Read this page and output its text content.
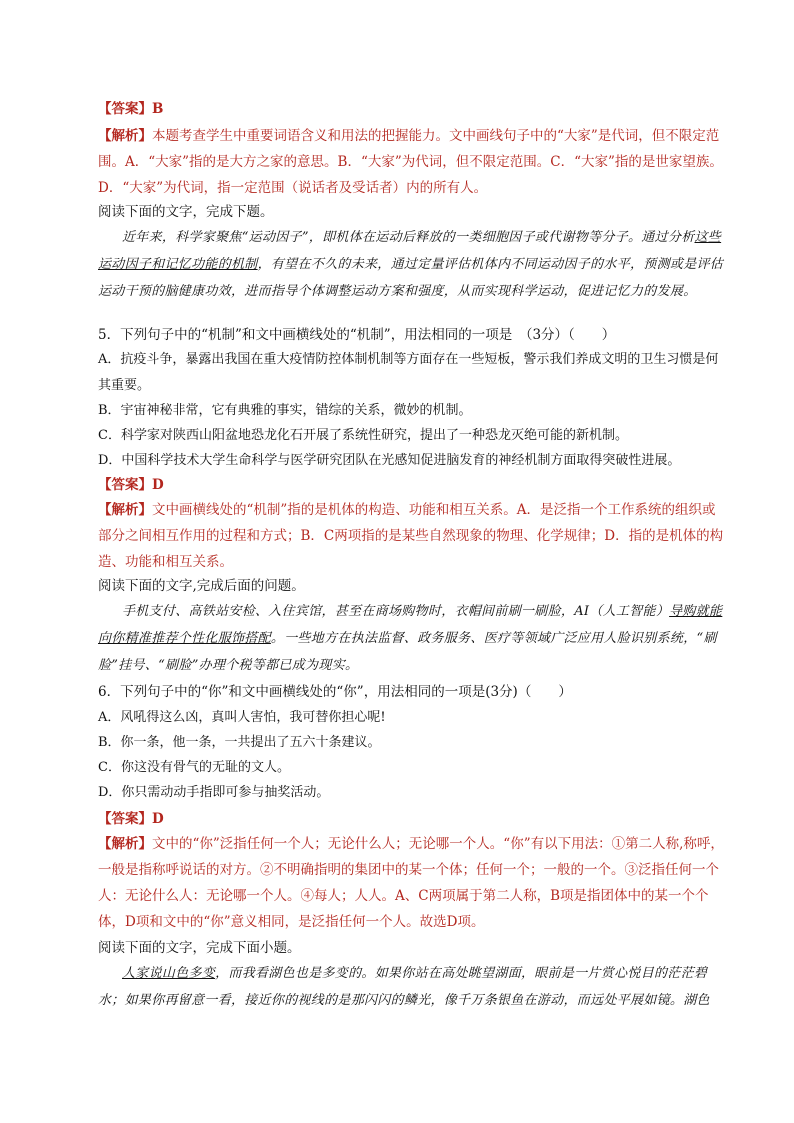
【答案】B

【解析】本题考查学生中重要词语含义和用法的把握能力。文中画线句子中的“大家”是代词，但不限定范围。A．“大家”指的是大方之家的意思。B．“大家”为代词，但不限定范围。C．“大家”指的是世家望族。D．“大家”为代词，指一定范围（说话者及受话者）内的所有人。

阅读下面的文字，完成下题。

近年来，科学家聚焦“运动因子”，即机体在运动后释放的一类细胞因子或代谢物等分子。通过分析这些运动因子和记忆功能的机制，有望在不久的未来，通过定量评估机体内不同运动因子的水平，预测或是评估运动干预的脑健康功效，进而指导个体调整运动方案和强度，从而实现科学运动，促进记忆力的发展。

5．下列句子中的“机制”和文中画横线处的“机制”，用法相同的一项是　（3分）（　　）

A．抗疫斗争，暴露出我国在重大疫情防控体制机制等方面存在一些短板，警示我们养成文明的卫生习惯是何其重要。

B．宇宙神秘非常，它有典雅的事实，错综的关系，微妙的机制。

C．科学家对陕西山阳盆地恐龙化石开展了系统性研究，提出了一种恐龙灭绝可能的新机制。

D．中国科学技术大学生命科学与医学研究团队在光感知促进脑发育的神经机制方面取得突破性进展。

【答案】D

【解析】文中画横线处的“机制”指的是机体的构造、功能和相互关系。A．是泛指一个工作系统的组织或部分之间相互作用的过程和方式；B．C两项指的是某些自然现象的物理、化学规律；D．指的是机体的构造、功能和相互关系。

阅读下面的文字,完成后面的问题。

手机支付、高铁站安检、入住宾馆，甚至在商场购物时，衣帽间前刷一刷脸，AI（人工智能）导购就能向你精准推荐个性化服饰搭配。一些地方在执法监督、政务服务、医疗等领域广泛应用人脸识别系统，“刷脸”挂号、“刷脸”办理个税等都已成为现实。

6．下列句子中的“你”和文中画横线处的“你”，用法相同的一项是(3分)（　　）

A．风吼得这么凶，真叫人害怕，我可替你担心呢!

B．你一条，他一条，一共提出了五六十条建议。

C．你这没有骨气的无耻的文人。

D．你只需动动手指即可参与抽奖活动。

【答案】D

【解析】文中的“你”泛指任何一个人；无论什么人；无论哪一个人。“你”有以下用法：①第二人称,称呼，一般是指称呼说话的对方。②不明确指明的集团中的某一个体；任何一个；一般的一个。③泛指任何一个人：无论什么人：无论哪一个人。④每人；人人。A、C两项属于第二人称，B项是指团体中的某一个个体，D项和文中的“你”意义相同，是泛指任何一个人。故选D项。

阅读下面的文字，完成下面小题。

人家说山色多变，而我看湖色也是多变的。如果你站在高处眺望湖面，眼前是一片赏心悦目的茫茫碧水；如果你再留意一看，接近你的视线的是那闪闪的鳞光，像千万条银鱼在游动，而远处平展如镜。湖色
